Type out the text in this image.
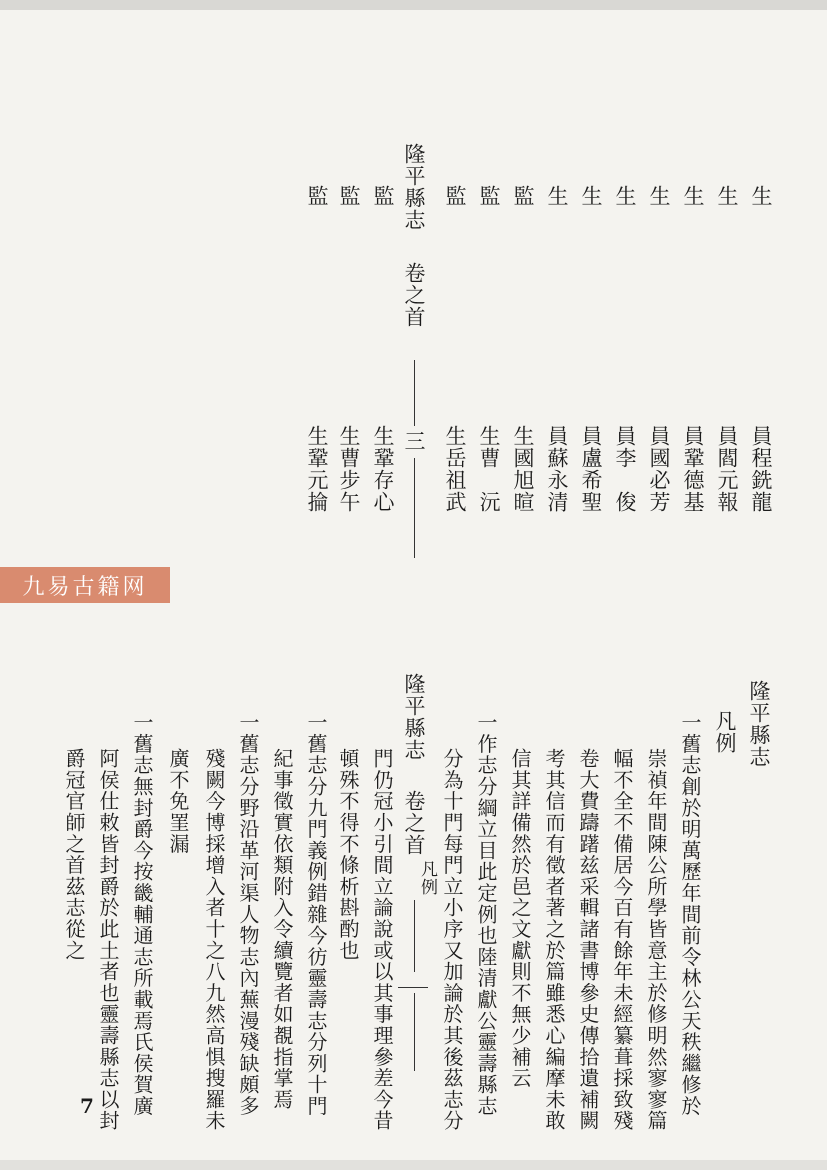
生
員程銑龍
生
員閻元報
生
員鞏德基
生
員國必芳
生
員李　俊
生
員盧希聖
生
員蘇永清
監
生國旭暄
監
生曹　沅
監
生岳祖武
監
生鞏存心
監
生曹步午
監
生鞏元掄
隆平縣志
卷之首
三
九易古籍网
隆平縣志
凡例
一舊志創於明萬歷年間前令林公天秩繼修於
崇禎年間陳公所學皆意主於修明然寥寥篇
幅不全不備居今百有餘年未經纂葺採致殘
卷大費躊躇兹采輯諸書博參史傳拾遺補闕
考其信而有徵者著之於篇雖悉心編摩未敢
信其詳備然於邑之文獻則不無少補云
一作志分綱立目此定例也陸清獻公靈壽縣志
分為十門每門立小序又加論於其後茲志分
門仍冠小引間立論說或以其事理參差今昔
頓殊不得不條析斟酌也
一舊志分九門義例錯雜今彷靈壽志分列十門
紀事徵實依類附入令續覽者如覩指掌焉
一舊志分野沿革河渠人物志內蕪漫殘缺頗多
殘闕今博採增入者十之八九然高惧搜羅未
廣不免罣漏
一舊志無封爵今按畿輔通志所載焉氏侯賀廣
阿侯仕敕皆封爵於此土者也靈壽縣志以封
爵冠官師之首茲志從之
隆平縣志
卷之首
凡例
7
